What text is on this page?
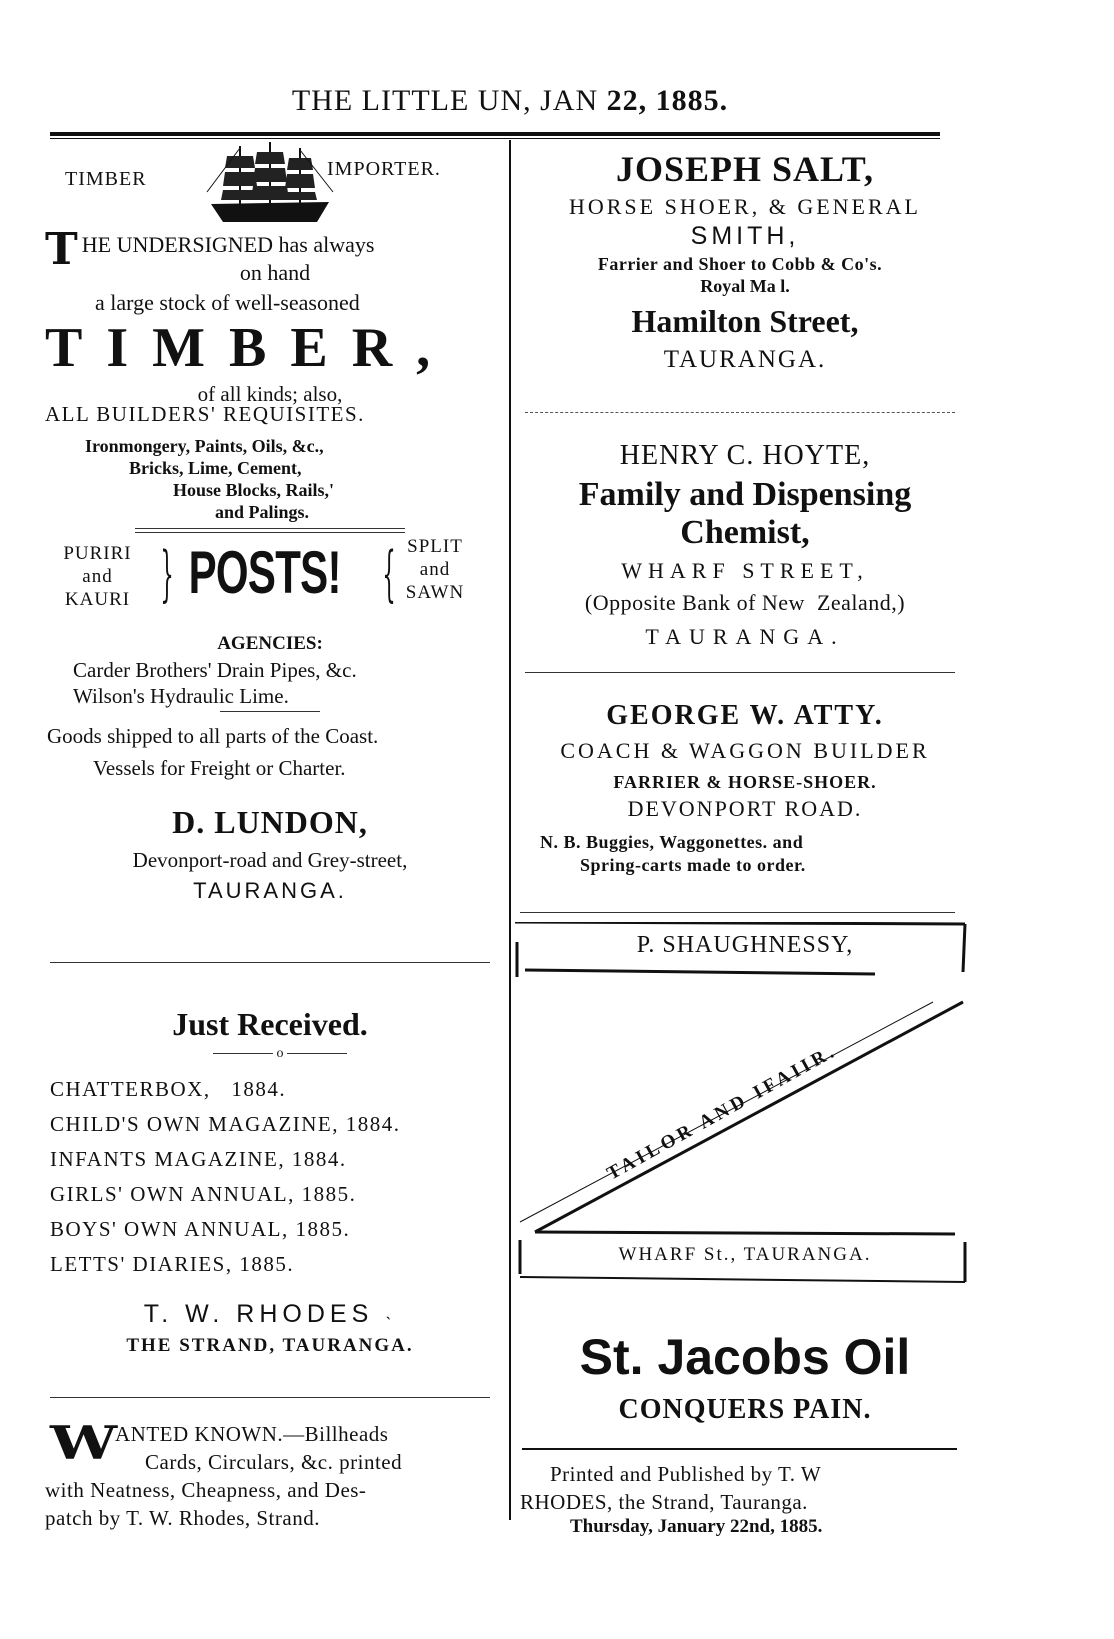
THE LITTLE UN, JAN 22, 1885.
TIMBER	IMPORTER.
THE UNDERSIGNED has always
on hand
a large stock of well-seasoned
TIMBER,
of all kinds; also,
ALL BUILDERS' REQUISITES.
Ironmongery, Paints, Oils, &c.,
Bricks, Lime, Cement,
House Blocks, Rails,'
and Palings.
PURIRI
and
KAURI } POSTS! { SPLIT
and
SAWN
AGENCIES:
Carder Brothers' Drain Pipes, &c.
Wilson's Hydraulic Lime.
Goods shipped to all parts of the Coast.
Vessels for Freight or Charter.
D. LUNDON,
Devonport-road and Grey-street,
TAURANGA.
Just Received.
o
CHATTERBOX, 1884.
CHILD'S OWN MAGAZINE, 1884.
INFANTS MAGAZINE, 1884.
GIRLS' OWN ANNUAL, 1885.
BOYS' OWN ANNUAL, 1885.
LETTS' DIARIES, 1885.
T. W. RHODES ˴
THE STRAND, TAURANGA.
W
ANTED KNOWN.—Billheads
Cards, Circulars, &c. printed
with Neatness, Cheapness, and Des-
patch by T. W. Rhodes, Strand.
JOSEPH SALT,
HORSE SHOER, & GENERAL
SMITH,
Farrier and Shoer to Cobb & Co's.
Royal Ma l.
Hamilton Street,
TAURANGA.
HENRY C. HOYTE,
Family and Dispensing
Chemist,
WHARF STREET,
(Opposite Bank of New  Zealand,)
TAURANGA.
GEORGE W. ATTY.
COACH & WAGGON BUILDER
FARRIER & HORSE-SHOER.
DEVONPORT ROAD.
N. B. Buggies, Waggonettes. and
Spring-carts made to order.
P. SHAUGHNESSY,
TAILOR AND IFAIIR.
WHARF St., TAURANGA.
St. Jacobs Oil
CONQUERS PAIN.
Printed and Published by T. W
RHODES, the Strand, Tauranga.
Thursday, January 22nd, 1885.
